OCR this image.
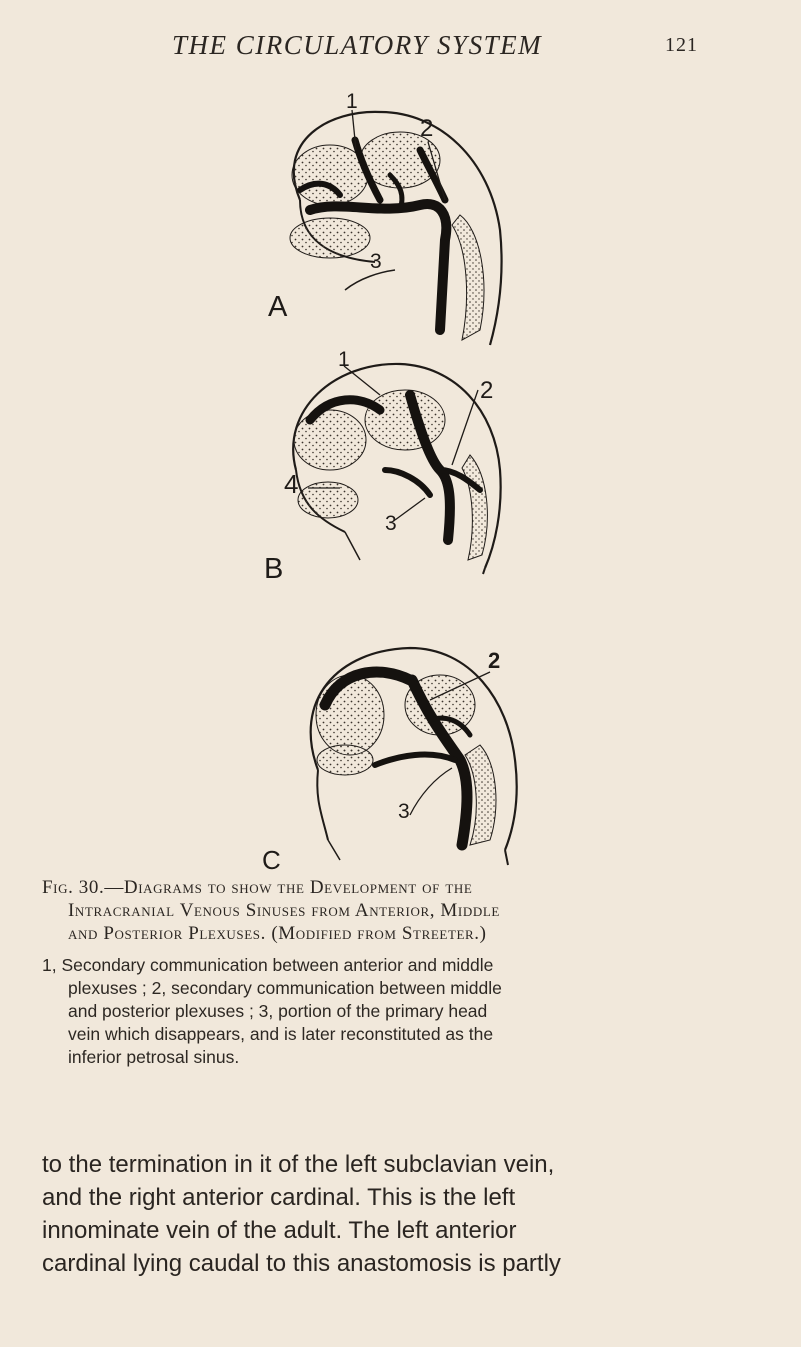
THE CIRCULATORY SYSTEM	121
1
2
3
A
1
2
3
4
B
2
3
C
Fig. 30.—Diagrams to show the Development of the
Intracranial Venous Sinuses from Anterior, Middle
and Posterior Plexuses. (Modified from Streeter.)
1, Secondary communication between anterior and middle
plexuses ; 2, secondary communication between middle
and posterior plexuses ; 3, portion of the primary head
vein which disappears, and is later reconstituted as the
inferior petrosal sinus.
to the termination in it of the left subclavian vein,
and the right anterior cardinal. This is the left
innominate vein of the adult. The left anterior
cardinal lying caudal to this anastomosis is partly
